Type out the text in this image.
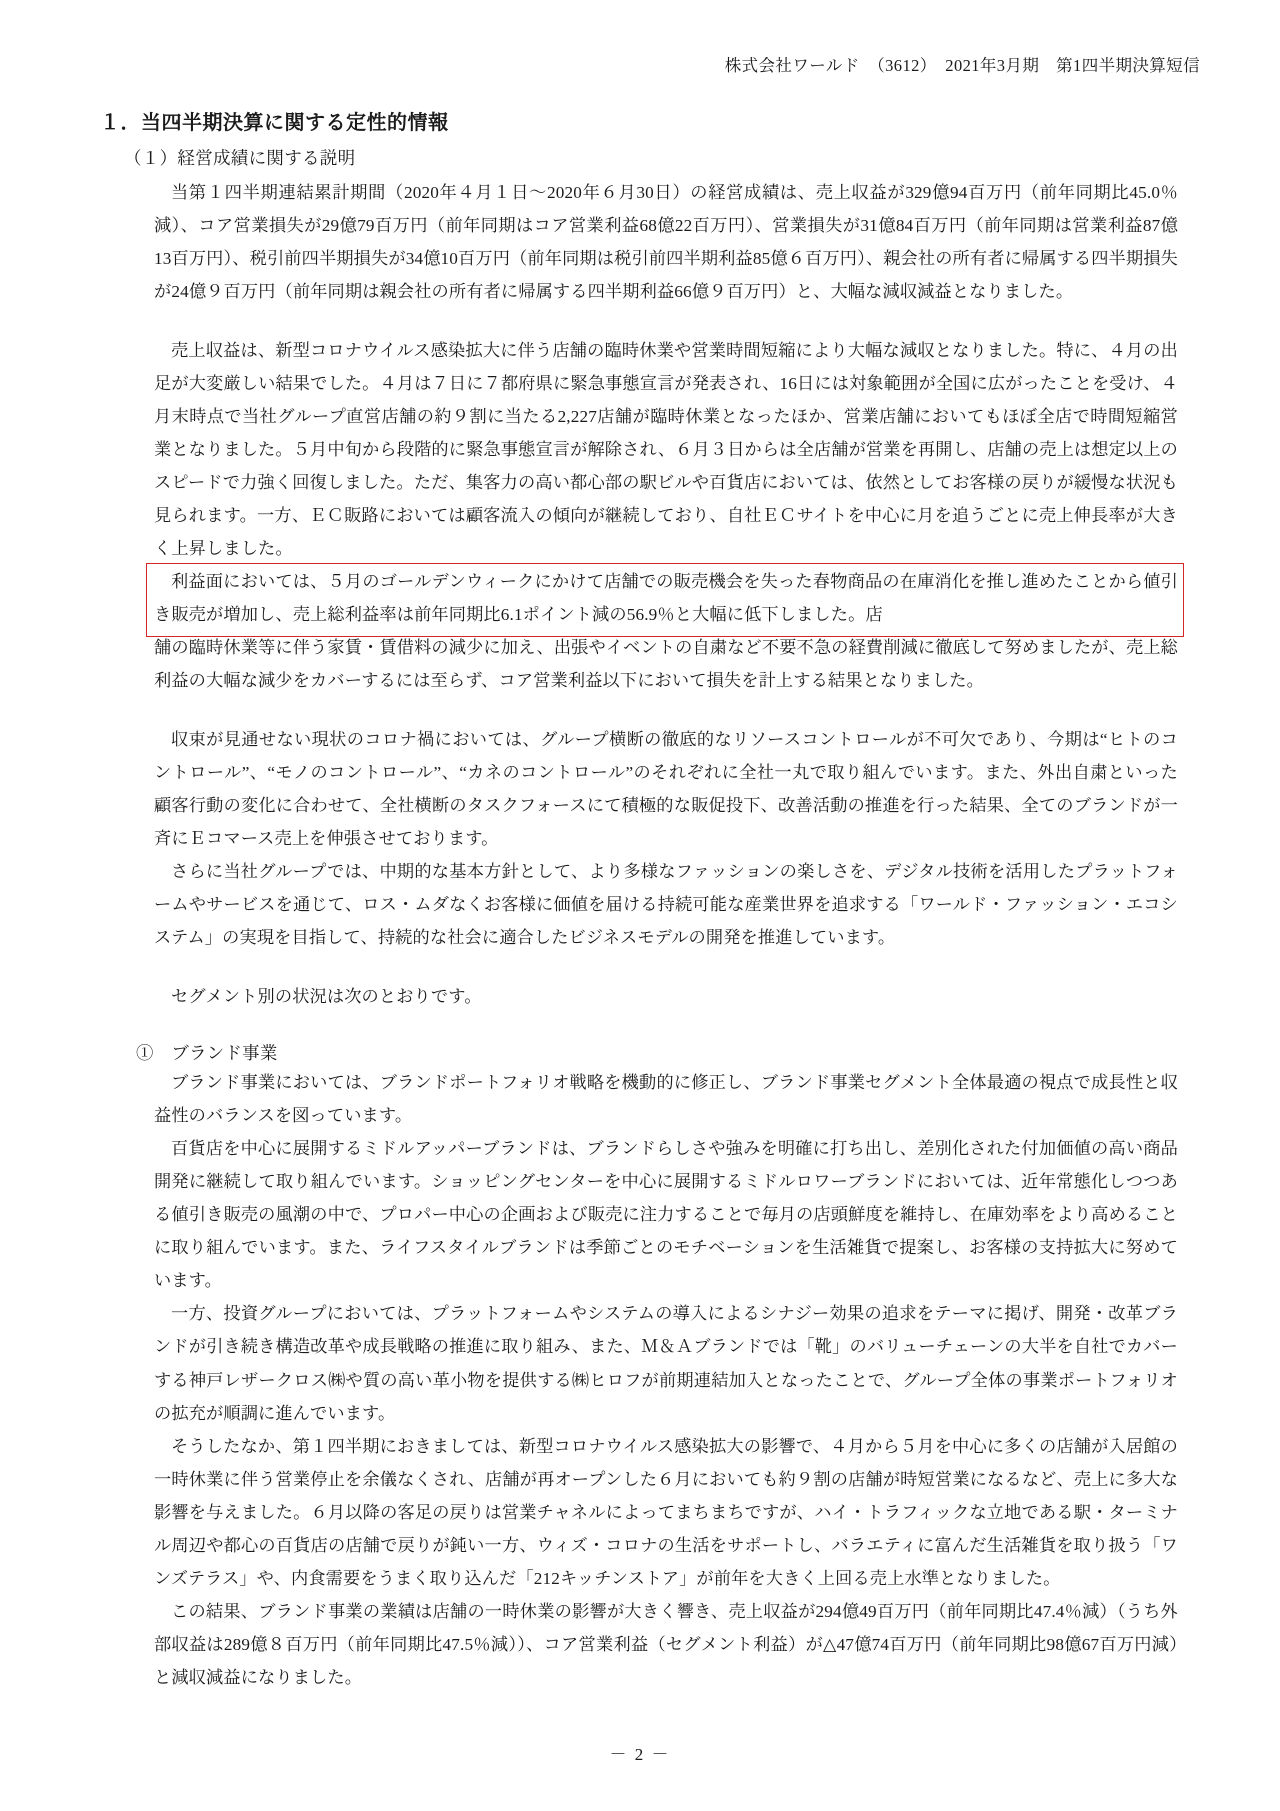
株式会社ワールド　（3612）　2021年3月期　第1四半期決算短信
１．当四半期決算に関する定性的情報
（１）経営成績に関する説明

当第１四半期連結累計期間（2020年４月１日〜2020年６月30日）の経営成績は、売上収益が329億94百万円（前年同期比45.0％減）、コア営業損失が29億79百万円（前年同期はコア営業利益68億22百万円）、営業損失が31億84百万円（前年同期は営業利益87億13百万円）、税引前四半期損失が34億10百万円（前年同期は税引前四半期利益85億６百万円）、親会社の所有者に帰属する四半期損失が24億９百万円（前年同期は親会社の所有者に帰属する四半期利益66億９百万円）と、大幅な減収減益となりました。

売上収益は、新型コロナウイルス感染拡大に伴う店舗の臨時休業や営業時間短縮により大幅な減収となりました。特に、４月の出足が大変厳しい結果でした。４月は７日に７都府県に緊急事態宣言が発表され、16日には対象範囲が全国に広がったことを受け、４月末時点で当社グループ直営店舗の約９割に当たる2,227店舗が臨時休業となったほか、営業店舗においてもほぼ全店で時間短縮営業となりました。５月中旬から段階的に緊急事態宣言が解除され、６月３日からは全店舗が営業を再開し、店舗の売上は想定以上のスピードで力強く回復しました。ただ、集客力の高い都心部の駅ビルや百貨店においては、依然としてお客様の戻りが緩慢な状況も見られます。一方、ＥＣ販路においては顧客流入の傾向が継続しており、自社ＥＣサイトを中心に月を追うごとに売上伸長率が大きく上昇しました。

利益面においては、５月のゴールデンウィークにかけて店舗での販売機会を失った春物商品の在庫消化を推し進めたことから値引き販売が増加し、売上総利益率は前年同期比6.1ポイント減の56.9％と大幅に低下しました。店

舗の臨時休業等に伴う家賃・賃借料の減少に加え、出張やイベントの自粛など不要不急の経費削減に徹底して努めましたが、売上総利益の大幅な減少をカバーするには至らず、コア営業利益以下において損失を計上する結果となりました。

収束が見通せない現状のコロナ禍においては、グループ横断の徹底的なリソースコントロールが不可欠であり、今期は“ヒトのコントロール”、“モノのコントロール”、“カネのコントロール”のそれぞれに全社一丸で取り組んでいます。また、外出自粛といった顧客行動の変化に合わせて、全社横断のタスクフォースにて積極的な販促投下、改善活動の推進を行った結果、全てのブランドが一斉にＥコマース売上を伸張させております。

さらに当社グループでは、中期的な基本方針として、より多様なファッションの楽しさを、デジタル技術を活用したプラットフォームやサービスを通じて、ロス・ムダなくお客様に価値を届ける持続可能な産業世界を追求する「ワールド・ファッション・エコシステム」の実現を目指して、持続的な社会に適合したビジネスモデルの開発を推進しています。

セグメント別の状況は次のとおりです。

①　ブランド事業

ブランド事業においては、ブランドポートフォリオ戦略を機動的に修正し、ブランド事業セグメント全体最適の視点で成長性と収益性のバランスを図っています。

百貨店を中心に展開するミドルアッパーブランドは、ブランドらしさや強みを明確に打ち出し、差別化された付加価値の高い商品開発に継続して取り組んでいます。ショッピングセンターを中心に展開するミドルロワーブランドにおいては、近年常態化しつつある値引き販売の風潮の中で、プロパー中心の企画および販売に注力することで毎月の店頭鮮度を維持し、在庫効率をより高めることに取り組んでいます。また、ライフスタイルブランドは季節ごとのモチベーションを生活雑貨で提案し、お客様の支持拡大に努めています。

一方、投資グループにおいては、プラットフォームやシステムの導入によるシナジー効果の追求をテーマに掲げ、開発・改革ブランドが引き続き構造改革や成長戦略の推進に取り組み、また、Ｍ＆Ａブランドでは「靴」のバリューチェーンの大半を自社でカバーする神戸レザークロス㈱や質の高い革小物を提供する㈱ヒロフが前期連結加入となったことで、グループ全体の事業ポートフォリオの拡充が順調に進んでいます。

そうしたなか、第１四半期におきましては、新型コロナウイルス感染拡大の影響で、４月から５月を中心に多くの店舗が入居館の一時休業に伴う営業停止を余儀なくされ、店舗が再オープンした６月においても約９割の店舗が時短営業になるなど、売上に多大な影響を与えました。６月以降の客足の戻りは営業チャネルによってまちまちですが、ハイ・トラフィックな立地である駅・ターミナル周辺や都心の百貨店の店舗で戻りが鈍い一方、ウィズ・コロナの生活をサポートし、バラエティに富んだ生活雑貨を取り扱う「ワンズテラス」や、内食需要をうまく取り込んだ「212キッチンストア」が前年を大きく上回る売上水準となりました。

この結果、ブランド事業の業績は店舗の一時休業の影響が大きく響き、売上収益が294億49百万円（前年同期比47.4％減）（うち外部収益は289億８百万円（前年同期比47.5％減））、コア営業利益（セグメント利益）が△47億74百万円（前年同期比98億67百万円減）と減収減益になりました。

－ 2 －
